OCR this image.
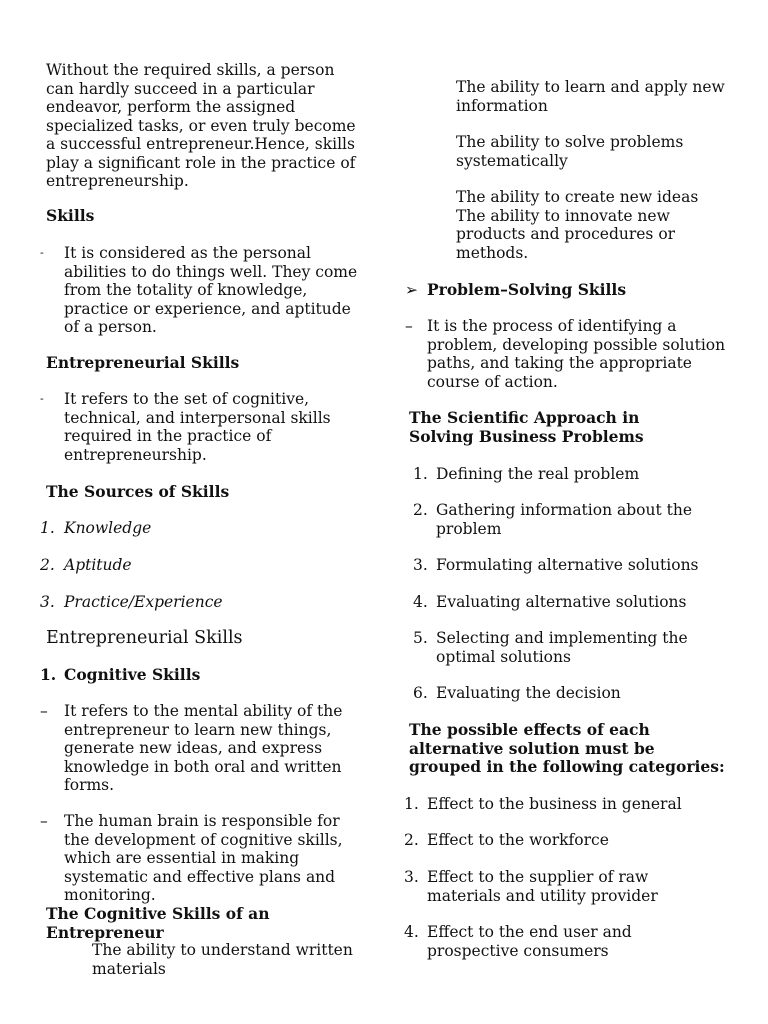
Without the required skills, a person can hardly succeed in a particular endeavor, perform the assigned specialized tasks, or even truly become a successful entrepreneur.Hence, skills play a significant role in the practice of entrepreneurship.
Skills
- It is considered as the personal abilities to do things well. They come from the totality of knowledge, practice or experience, and aptitude of a person.
Entrepreneurial Skills
- It refers to the set of cognitive, technical, and interpersonal skills required in the practice of entrepreneurship.
The Sources of Skills
1. Knowledge
2. Aptitude
3. Practice/Experience
Entrepreneurial Skills
1. Cognitive Skills
– It refers to the mental ability of the entrepreneur to learn new things, generate new ideas, and express knowledge in both oral and written forms.
– The human brain is responsible for the development of cognitive skills, which are essential in making systematic and effective plans and monitoring.
The Cognitive Skills of an Entrepreneur
The ability to understand written materials
The ability to learn and apply new information
The ability to solve problems systematically
The ability to create new ideas The ability to innovate new products and procedures or methods.
➢ Problem–Solving Skills
– It is the process of identifying a problem, developing possible solution paths, and taking the appropriate course of action.
The Scientific Approach in Solving Business Problems
1. Defining the real problem
2. Gathering information about the problem
3. Formulating alternative solutions
4. Evaluating alternative solutions
5. Selecting and implementing the optimal solutions
6. Evaluating the decision
The possible effects of each alternative solution must be grouped in the following categories:
1. Effect to the business in general
2. Effect to the workforce
3. Effect to the supplier of raw materials and utility provider
4. Effect to the end user and prospective consumers
